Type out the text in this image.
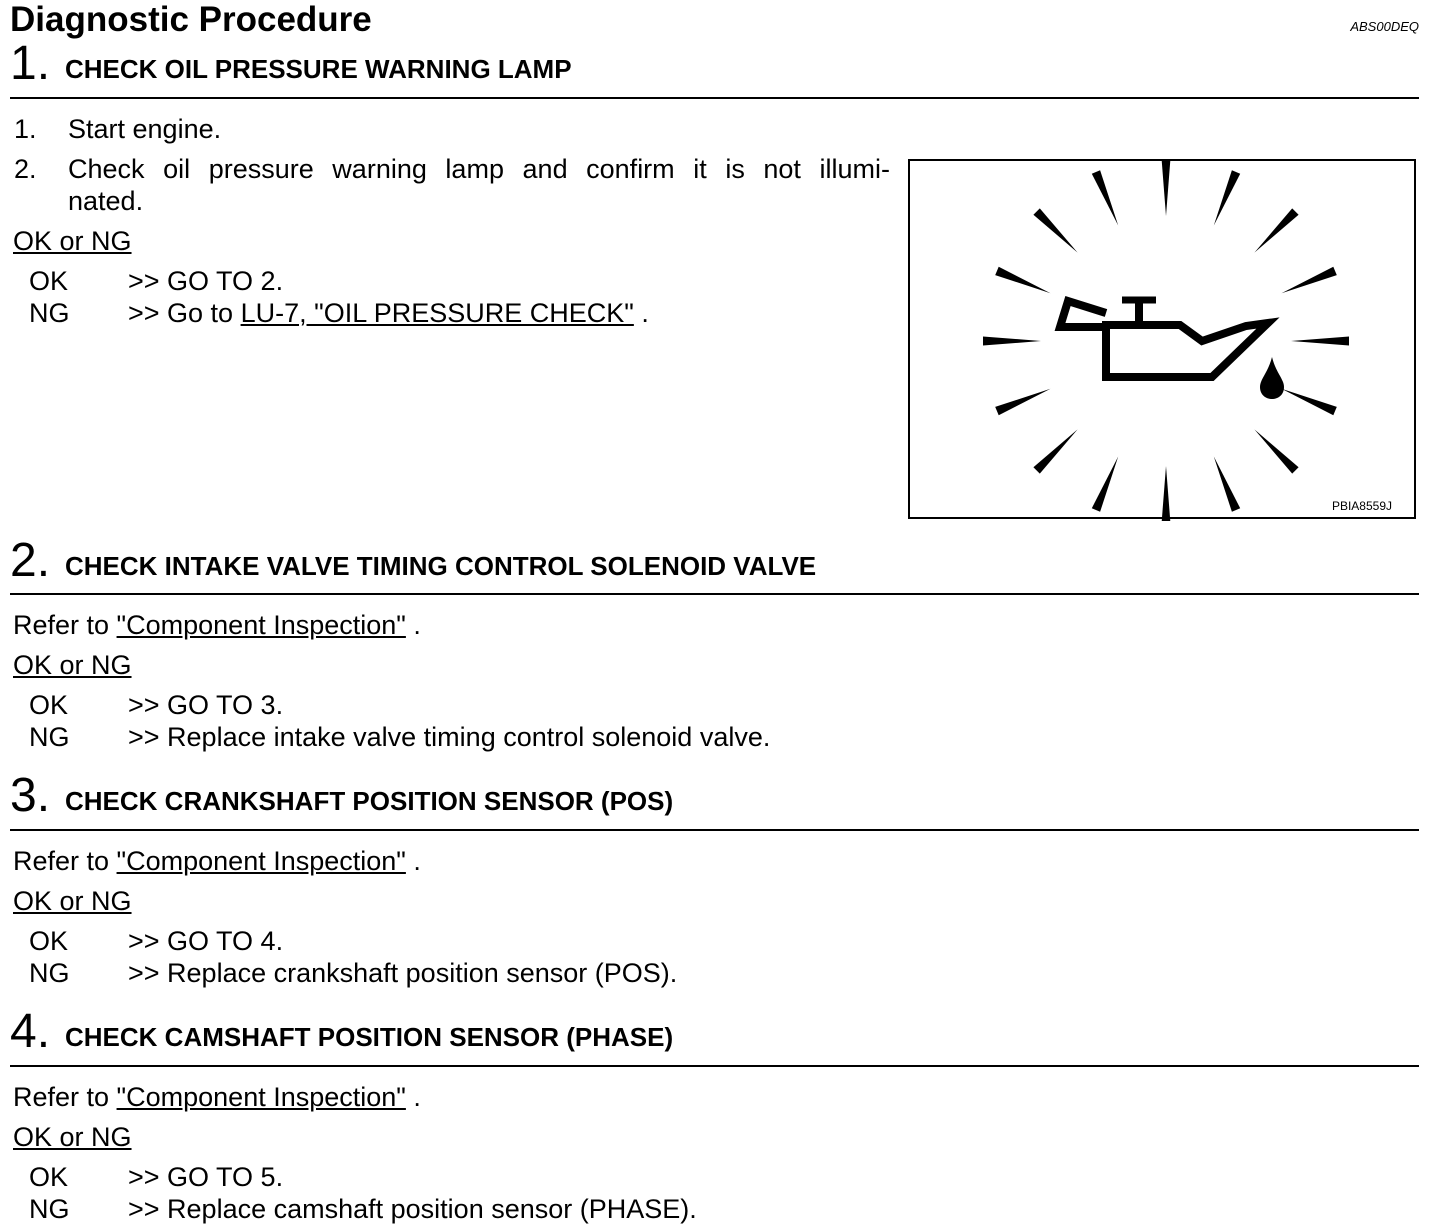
Diagnostic Procedure	ABS00DEQ
1. CHECK OIL PRESSURE WARNING LAMP
1. Start engine.
2. Check oil pressure warning lamp and confirm it is not illumi-
nated.
OK or NG
OK >> GO TO 2.
NG >> Go to LU-7, "OIL PRESSURE CHECK" .
PBIA8559J
2. CHECK INTAKE VALVE TIMING CONTROL SOLENOID VALVE
Refer to "Component Inspection" .
OK or NG
OK >> GO TO 3.
NG >> Replace intake valve timing control solenoid valve.
3. CHECK CRANKSHAFT POSITION SENSOR (POS)
Refer to "Component Inspection" .
OK or NG
OK >> GO TO 4.
NG >> Replace crankshaft position sensor (POS).
4. CHECK CAMSHAFT POSITION SENSOR (PHASE)
Refer to "Component Inspection" .
OK or NG
OK >> GO TO 5.
NG >> Replace camshaft position sensor (PHASE).
